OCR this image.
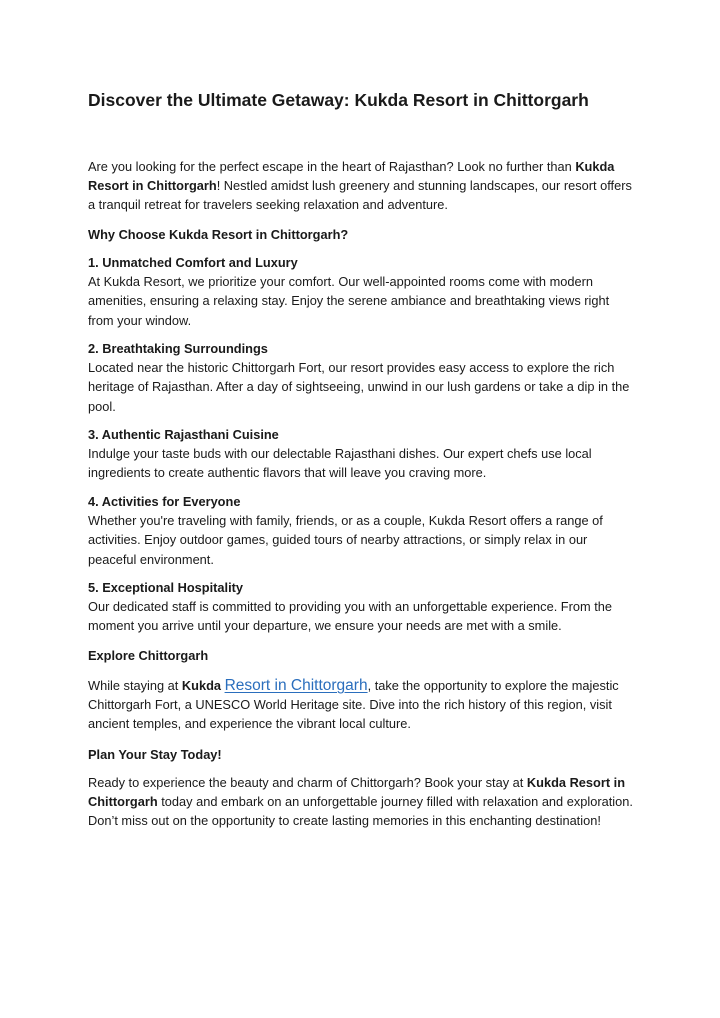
Discover the Ultimate Getaway: Kukda Resort in Chittorgarh

Are you looking for the perfect escape in the heart of Rajasthan? Look no further than Kukda Resort in Chittorgarh! Nestled amidst lush greenery and stunning landscapes, our resort offers a tranquil retreat for travelers seeking relaxation and adventure.

Why Choose Kukda Resort in Chittorgarh?

1. Unmatched Comfort and Luxury
At Kukda Resort, we prioritize your comfort. Our well-appointed rooms come with modern amenities, ensuring a relaxing stay. Enjoy the serene ambiance and breathtaking views right from your window.
2. Breathtaking Surroundings
Located near the historic Chittorgarh Fort, our resort provides easy access to explore the rich heritage of Rajasthan. After a day of sightseeing, unwind in our lush gardens or take a dip in the pool.
3. Authentic Rajasthani Cuisine
Indulge your taste buds with our delectable Rajasthani dishes. Our expert chefs use local ingredients to create authentic flavors that will leave you craving more.
4. Activities for Everyone
Whether you're traveling with family, friends, or as a couple, Kukda Resort offers a range of activities. Enjoy outdoor games, guided tours of nearby attractions, or simply relax in our peaceful environment.
5. Exceptional Hospitality
Our dedicated staff is committed to providing you with an unforgettable experience. From the moment you arrive until your departure, we ensure your needs are met with a smile.

Explore Chittorgarh

While staying at Kukda Resort in Chittorgarh, take the opportunity to explore the majestic Chittorgarh Fort, a UNESCO World Heritage site. Dive into the rich history of this region, visit ancient temples, and experience the vibrant local culture.

Plan Your Stay Today!

Ready to experience the beauty and charm of Chittorgarh? Book your stay at Kukda Resort in Chittorgarh today and embark on an unforgettable journey filled with relaxation and exploration. Don’t miss out on the opportunity to create lasting memories in this enchanting destination!
